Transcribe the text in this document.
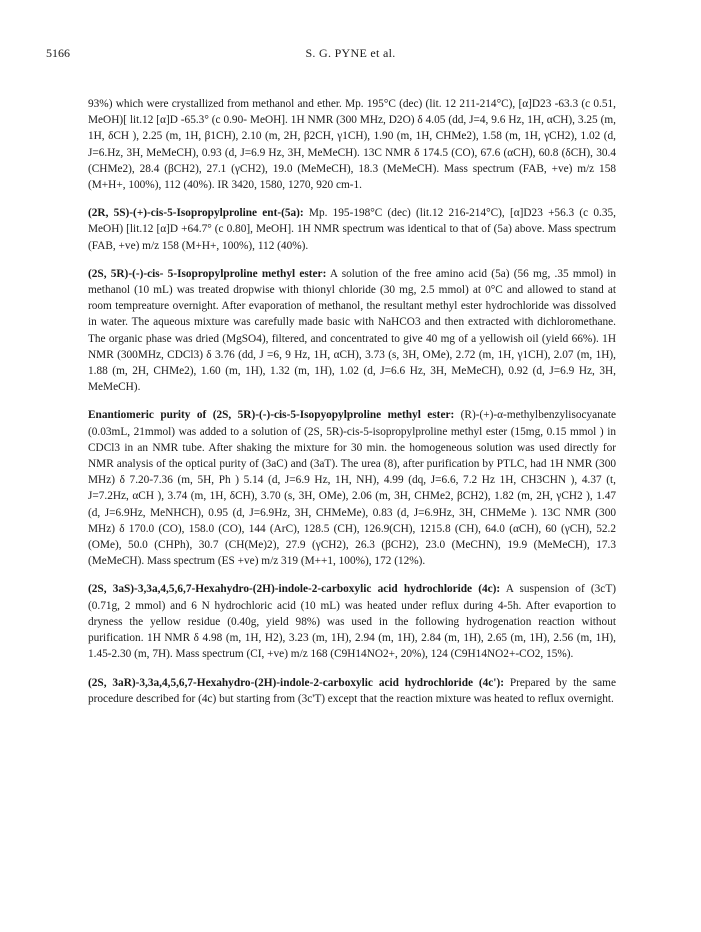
5166	S. G. PYNE et al.

93%) which were crystallized from methanol and ether. Mp. 195°C (dec) (lit. 12 211-214°C), [α]D23 -63.3 (c 0.51, MeOH)[ lit.12 [α]D -65.3° (c 0.90- MeOH]. 1H NMR (300 MHz, D2O) δ 4.05 (dd, J=4, 9.6 Hz, 1H, αCH), 3.25 (m, 1H, δCH ), 2.25 (m, 1H, β1CH), 2.10 (m, 2H, β2CH, γ1CH), 1.90 (m, 1H, CHMe2), 1.58 (m, 1H, γCH2), 1.02 (d, J=6.Hz, 3H, MeMeCH), 0.93 (d, J=6.9 Hz, 3H, MeMeCH). 13C NMR δ 174.5 (CO), 67.6 (αCH), 60.8 (δCH), 30.4 (CHMe2), 28.4 (βCH2), 27.1 (γCH2), 19.0 (MeMeCH), 18.3 (MeMeCH). Mass spectrum (FAB, +ve) m/z 158 (M+H+, 100%), 112 (40%). IR 3420, 1580, 1270, 920 cm-1.

(2R, 5S)-(+)-cis-5-Isopropylproline ent-(5a): Mp. 195-198°C (dec) (lit.12 216-214°C), [α]D23 +56.3 (c 0.35, MeOH) [lit.12 [α]D +64.7° (c 0.80], MeOH]. 1H NMR spectrum was identical to that of (5a) above. Mass spectrum (FAB, +ve) m/z 158 (M+H+, 100%), 112 (40%).

(2S, 5R)-(-)-cis- 5-Isopropylproline methyl ester: A solution of the free amino acid (5a) (56 mg, .35 mmol) in methanol (10 mL) was treated dropwise with thionyl chloride (30 mg, 2.5 mmol) at 0°C and allowed to stand at room tempreature overnight. After evaporation of methanol, the resultant methyl ester hydrochloride was dissolved in water. The aqueous mixture was carefully made basic with NaHCO3 and then extracted with dichloromethane. The organic phase was dried (MgSO4), filtered, and concentrated to give 40 mg of a yellowish oil (yield 66%). 1H NMR (300MHz, CDCl3) δ 3.76 (dd, J =6, 9 Hz, 1H, αCH), 3.73 (s, 3H, OMe), 2.72 (m, 1H, γ1CH), 2.07 (m, 1H), 1.88 (m, 2H, CHMe2), 1.60 (m, 1H), 1.32 (m, 1H), 1.02 (d, J=6.6 Hz, 3H, MeMeCH), 0.92 (d, J=6.9 Hz, 3H, MeMeCH).

Enantiomeric purity of (2S, 5R)-(-)-cis-5-Isopyopylproline methyl ester: (R)-(+)-α-methylbenzylisocyanate (0.03mL, 21mmol) was added to a solution of (2S, 5R)-cis-5-isopropylproline methyl ester (15mg, 0.15 mmol ) in CDCl3 in an NMR tube. After shaking the mixture for 30 min. the homogeneous solution was used directly for NMR analysis of the optical purity of (3aC) and (3aT). The urea (8), after purification by PTLC, had 1H NMR (300 MHz) δ 7.20-7.36 (m, 5H, Ph ) 5.14 (d, J=6.9 Hz, 1H, NH), 4.99 (dq, J=6.6, 7.2 Hz 1H, CH3CHN ), 4.37 (t, J=7.2Hz, αCH ), 3.74 (m, 1H, δCH), 3.70 (s, 3H, OMe), 2.06 (m, 3H, CHMe2, βCH2), 1.82 (m, 2H, γCH2 ), 1.47 (d, J=6.9Hz, MeNHCH), 0.95 (d, J=6.9Hz, 3H, CHMeMe), 0.83 (d, J=6.9Hz, 3H, CHMeMe ). 13C NMR (300 MHz) δ 170.0 (CO), 158.0 (CO), 144 (ArC), 128.5 (CH), 126.9(CH), 1215.8 (CH), 64.0 (αCH), 60 (γCH), 52.2 (OMe), 50.0 (CHPh), 30.7 (CH(Me)2), 27.9 (γCH2), 26.3 (βCH2), 23.0 (MeCHN), 19.9 (MeMeCH), 17.3 (MeMeCH). Mass spectrum (ES +ve) m/z 319 (M++1, 100%), 172 (12%).

(2S, 3aS)-3,3a,4,5,6,7-Hexahydro-(2H)-indole-2-carboxylic acid hydrochloride (4c): A suspension of (3cT) (0.71g, 2 mmol) and 6 N hydrochloric acid (10 mL) was heated under reflux during 4-5h. After evaportion to dryness the yellow residue (0.40g, yield 98%) was used in the following hydrogenation reaction without purification. 1H NMR δ 4.98 (m, 1H, H2), 3.23 (m, 1H), 2.94 (m, 1H), 2.84 (m, 1H), 2.65 (m, 1H), 2.56 (m, 1H), 1.45-2.30 (m, 7H). Mass spectrum (CI, +ve) m/z 168 (C9H14NO2+, 20%), 124 (C9H14NO2+-CO2, 15%).

(2S, 3aR)-3,3a,4,5,6,7-Hexahydro-(2H)-indole-2-carboxylic acid hydrochloride (4c'): Prepared by the same procedure described for (4c) but starting from (3c'T) except that the reaction mixture was heated to reflux overnight.
